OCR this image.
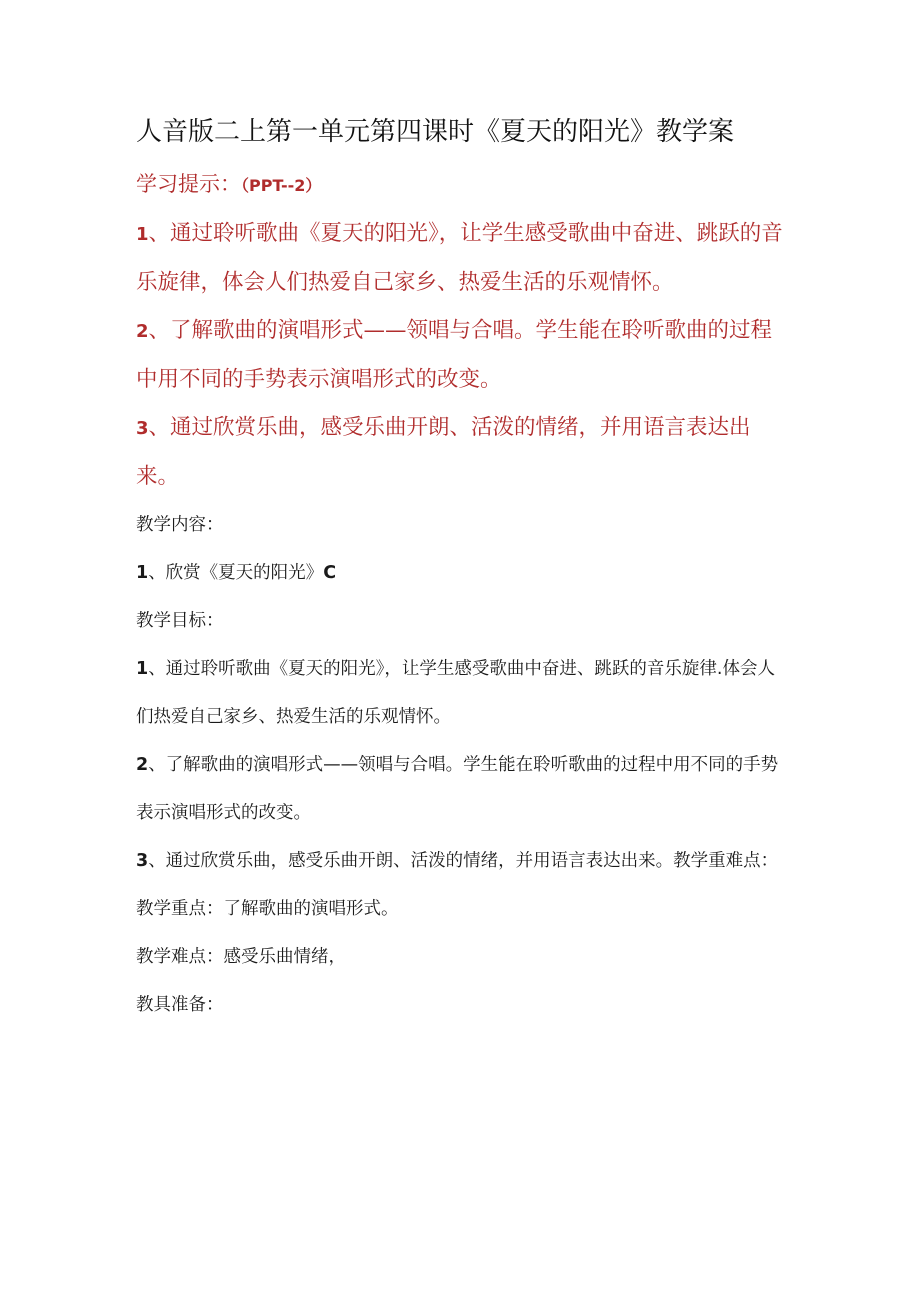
人音版二上第一单元第四课时《夏天的阳光》教学案

学习提示：（PPT--2）

1、通过聆听歌曲《夏天的阳光》，让学生感受歌曲中奋进、跳跃的音乐旋律，体会人们热爱自己家乡、热爱生活的乐观情怀。

2、了解歌曲的演唱形式——领唱与合唱。学生能在聆听歌曲的过程中用不同的手势表示演唱形式的改变。

3、通过欣赏乐曲，感受乐曲开朗、活泼的情绪，并用语言表达出来。

教学内容：

1、欣赏《夏天的阳光》C

教学目标：

1、通过聆听歌曲《夏天的阳光》，让学生感受歌曲中奋进、跳跃的音乐旋律.体会人们热爱自己家乡、热爱生活的乐观情怀。

2、了解歌曲的演唱形式——领唱与合唱。学生能在聆听歌曲的过程中用不同的手势表示演唱形式的改变。

3、通过欣赏乐曲，感受乐曲开朗、活泼的情绪，并用语言表达出来。教学重难点：

教学重点：了解歌曲的演唱形式。

教学难点：感受乐曲情绪，

教具准备：
